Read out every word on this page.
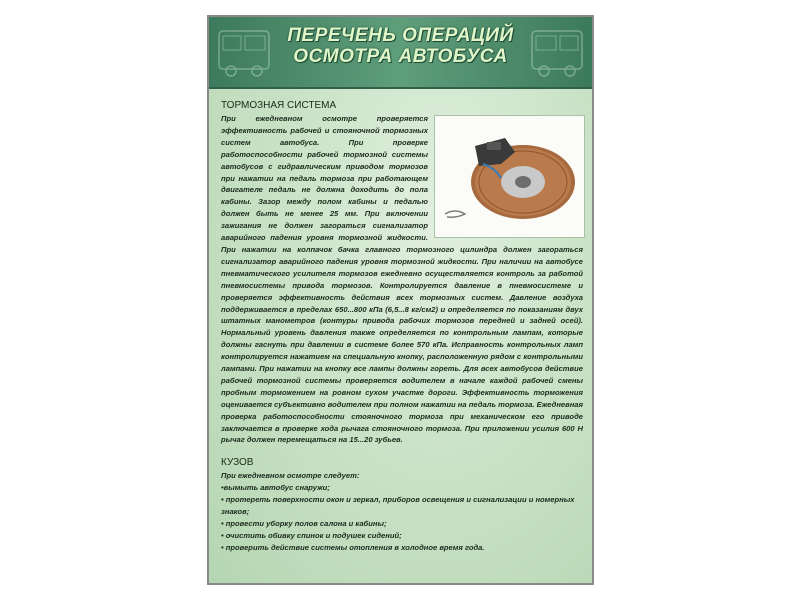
ПЕРЕЧЕНЬ ОПЕРАЦИЙ
ОСМОТРА АВТОБУСА
ТОРМОЗНАЯ СИСТЕМА

При ежедневном осмотре проверяется эффективность рабочей и стояночной тормозных систем автобуса. При проверке работоспособности рабочей тормозной системы автобусов с гидравлическим приводом тормозов при нажатии на педаль тормоза при работающем двигателе педаль не должна доходить до пола кабины. Зазор между полом кабины и педалью должен быть не менее 25 мм. При включении зажигания не должен загораться сигнализатор аварийного падения уровня тормозной жидкости. При нажатии на колпачок бачка главного тормозного цилиндра должен загораться сигнализатор аварийного падения уровня тормозной жидкости. При наличии на автобусе пневматического усилителя тормозов ежедневно осуществляется контроль за работой пневмосистемы привода тормозов. Контролируется давление в пневмосистеме и проверяется эффективность действия всех тормозных систем. Давление воздуха поддерживается в пределах 650...800 кПа (6,5...8 кг/см2) и определяется по показаниям двух штатных манометров (контуры привода рабочих тормозов передней и задней осей). Нормальный уровень давления также определяется по контрольным лампам, которые должны гаснуть при давлении в системе более 570 кПа. Исправность контрольных ламп контролируется нажатием на специальную кнопку, расположенную рядом с контрольными лампами. При нажатии на кнопку все лампы должны гореть. Для всех автобусов действие рабочей тормозной системы проверяется водителем в начале каждой рабочей смены пробным торможением на ровном сухом участке дороги. Эффективность торможения оценивается субъективно водителем при полном нажатии на педаль тормоза. Ежедневная проверка работоспособности стояночного тормоза при механическом его приводе заключается в проверке хода рычага стояночного тормоза. При приложении усилия 600 Н рычаг должен перемещаться на 15...20 зубьев.

КУЗОВ

При ежедневном осмотре следует:

•вымыть автобус снаружи;

• протереть поверхности окон и зеркал, приборов освещения и сигнализации и номерных знаков;

• провести уборку полов салона и кабины;

• очистить обивку спинок и подушек сидений;

• проверить действие системы отопления в холодное время года.
